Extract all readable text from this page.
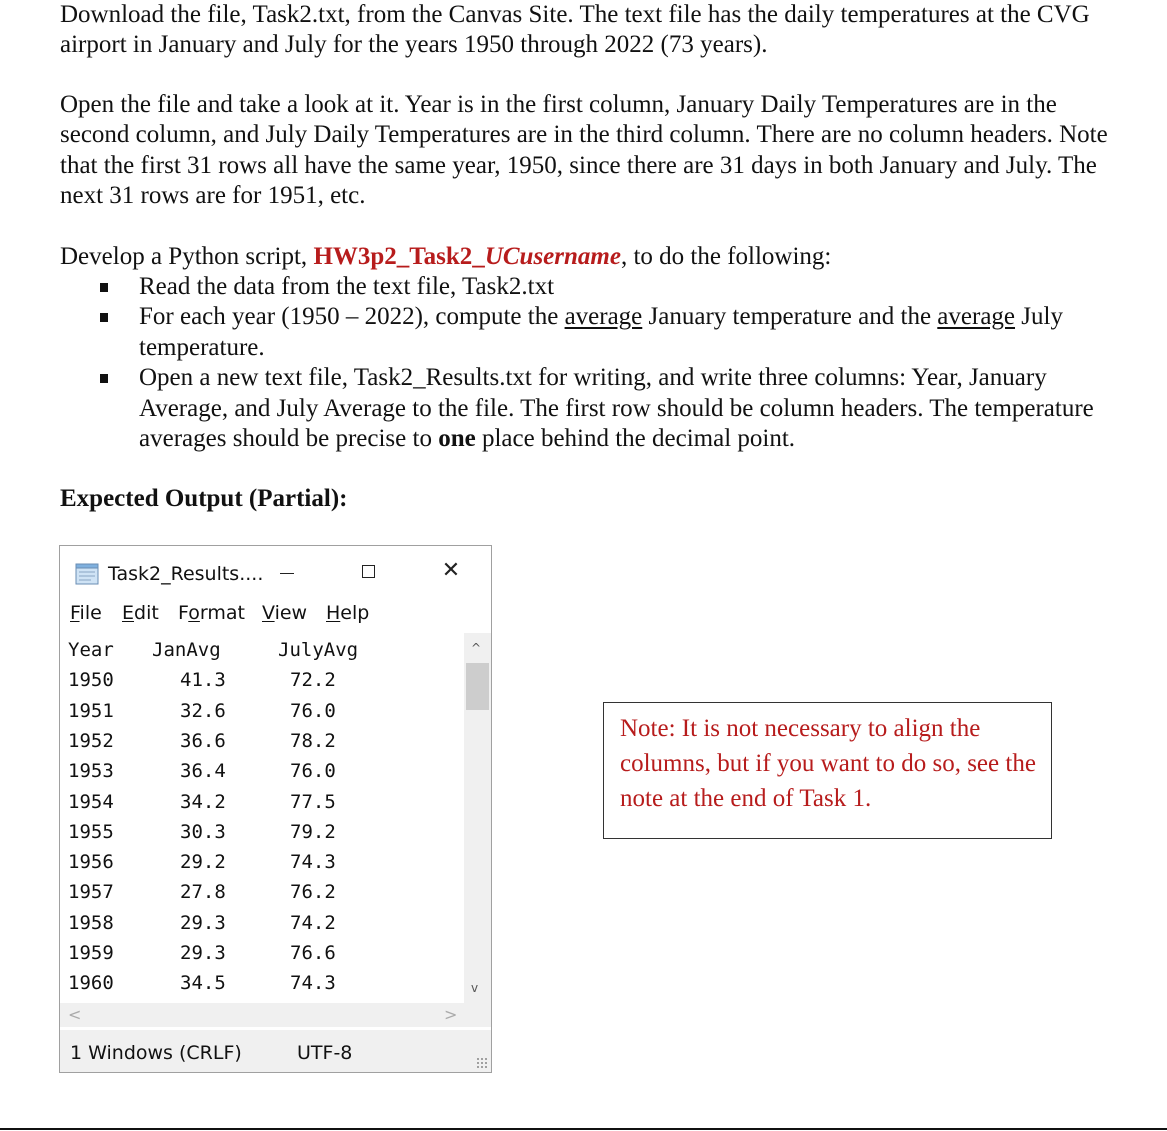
Download the file, Task2.txt, from the Canvas Site. The text file has the daily temperatures at the CVG airport in January and July for the years 1950 through 2022 (73 years).

Open the file and take a look at it. Year is in the first column, January Daily Temperatures are in the second column, and July Daily Temperatures are in the third column. There are no column headers. Note that the first 31 rows all have the same year, 1950, since there are 31 days in both January and July. The next 31 rows are for 1951, etc.

Develop a Python script, HW3p2_Task2_UCusername, to do the following:

Read the data from the text file, Task2.txt
For each year (1950 – 2022), compute the average January temperature and the average July temperature.
Open a new text file, Task2_Results.txt for writing, and write three columns: Year, January Average, and July Average to the file. The first row should be column headers. The temperature averages should be precise to one place behind the decimal point.
Expected Output (Partial):
Task2_Results....	✕
File Edit Format View Help
Year JanAvg	JulyAvg
1950	41.3	72.2
1951	32.6	76.0
1952	36.6	78.2
1953	36.4	76.0
1954	34.2	77.5
1955	30.3	79.2
1956	29.2	74.3
1957	27.8	76.2
1958	29.3	74.2
1959	29.3	76.6
1960	34.5	74.3
^
v
<	>
1 Windows (CRLF)	UTF-8

Note: It is not necessary to align the columns, but if you want to do so, see the note at the end of Task 1.
